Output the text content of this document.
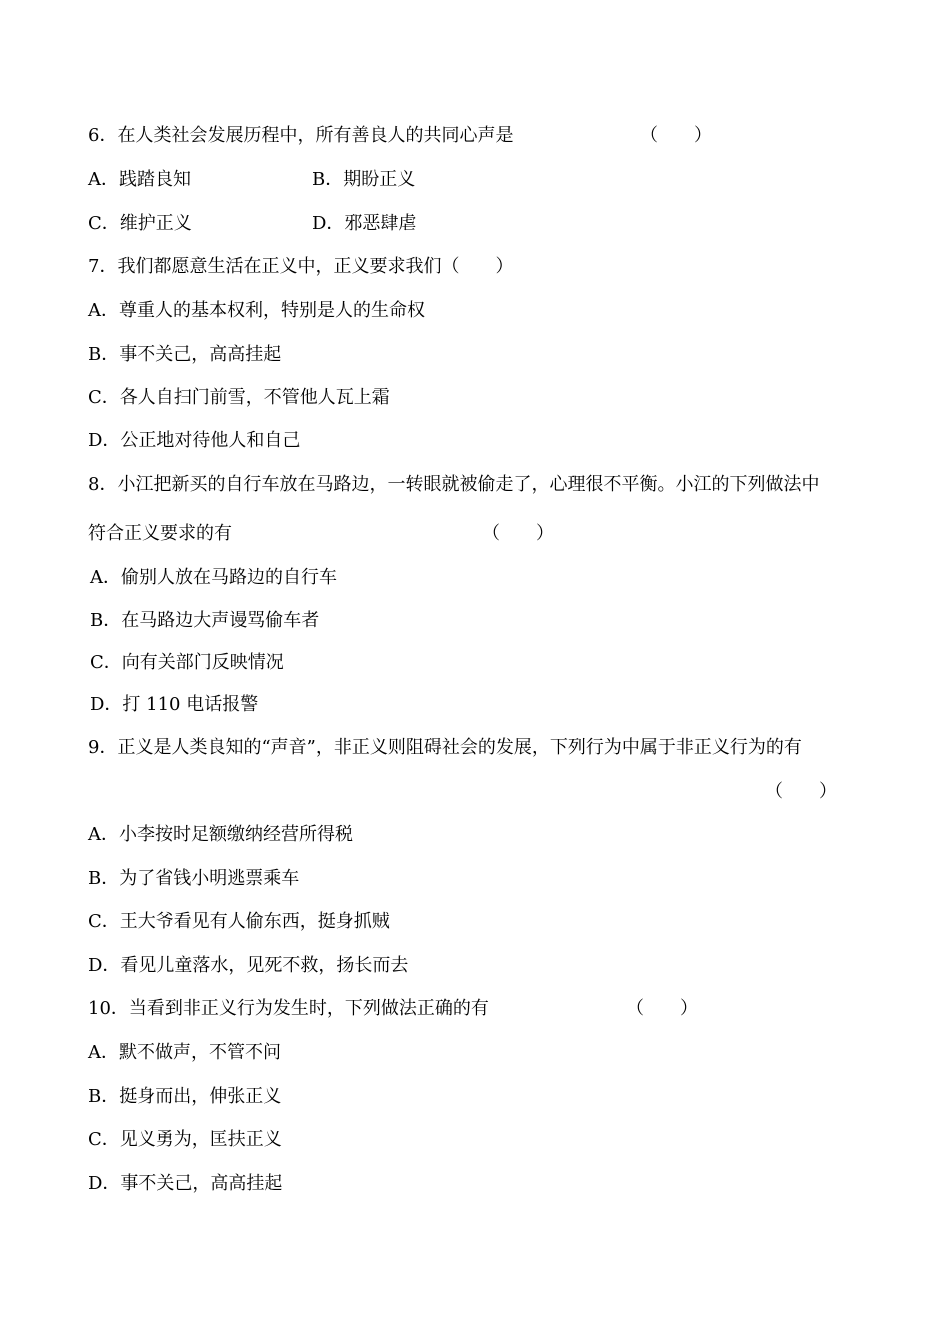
6．在人类社会发展历程中，所有善良人的共同心声是	（　　）
A．践踏良知	B．期盼正义
C．维护正义	D．邪恶肆虐
7．我们都愿意生活在正义中，正义要求我们（　　）
A．尊重人的基本权利，特别是人的生命权
B．事不关己，高高挂起
C．各人自扫门前雪，不管他人瓦上霜
D．公正地对待他人和自己
8．小江把新买的自行车放在马路边，一转眼就被偷走了，心理很不平衡。小江的下列做法中
符合正义要求的有	（　　）
A．偷别人放在马路边的自行车
B．在马路边大声谩骂偷车者
C．向有关部门反映情况
D．打 110 电话报警
9．正义是人类良知的“声音”，非正义则阻碍社会的发展，下列行为中属于非正义行为的有
（　　）
A．小李按时足额缴纳经营所得税
B．为了省钱小明逃票乘车
C．王大爷看见有人偷东西，挺身抓贼
D．看见儿童落水，见死不救，扬长而去
10．当看到非正义行为发生时，下列做法正确的有	（　　）
A．默不做声，不管不问
B．挺身而出，伸张正义
C．见义勇为，匡扶正义
D．事不关己，高高挂起
